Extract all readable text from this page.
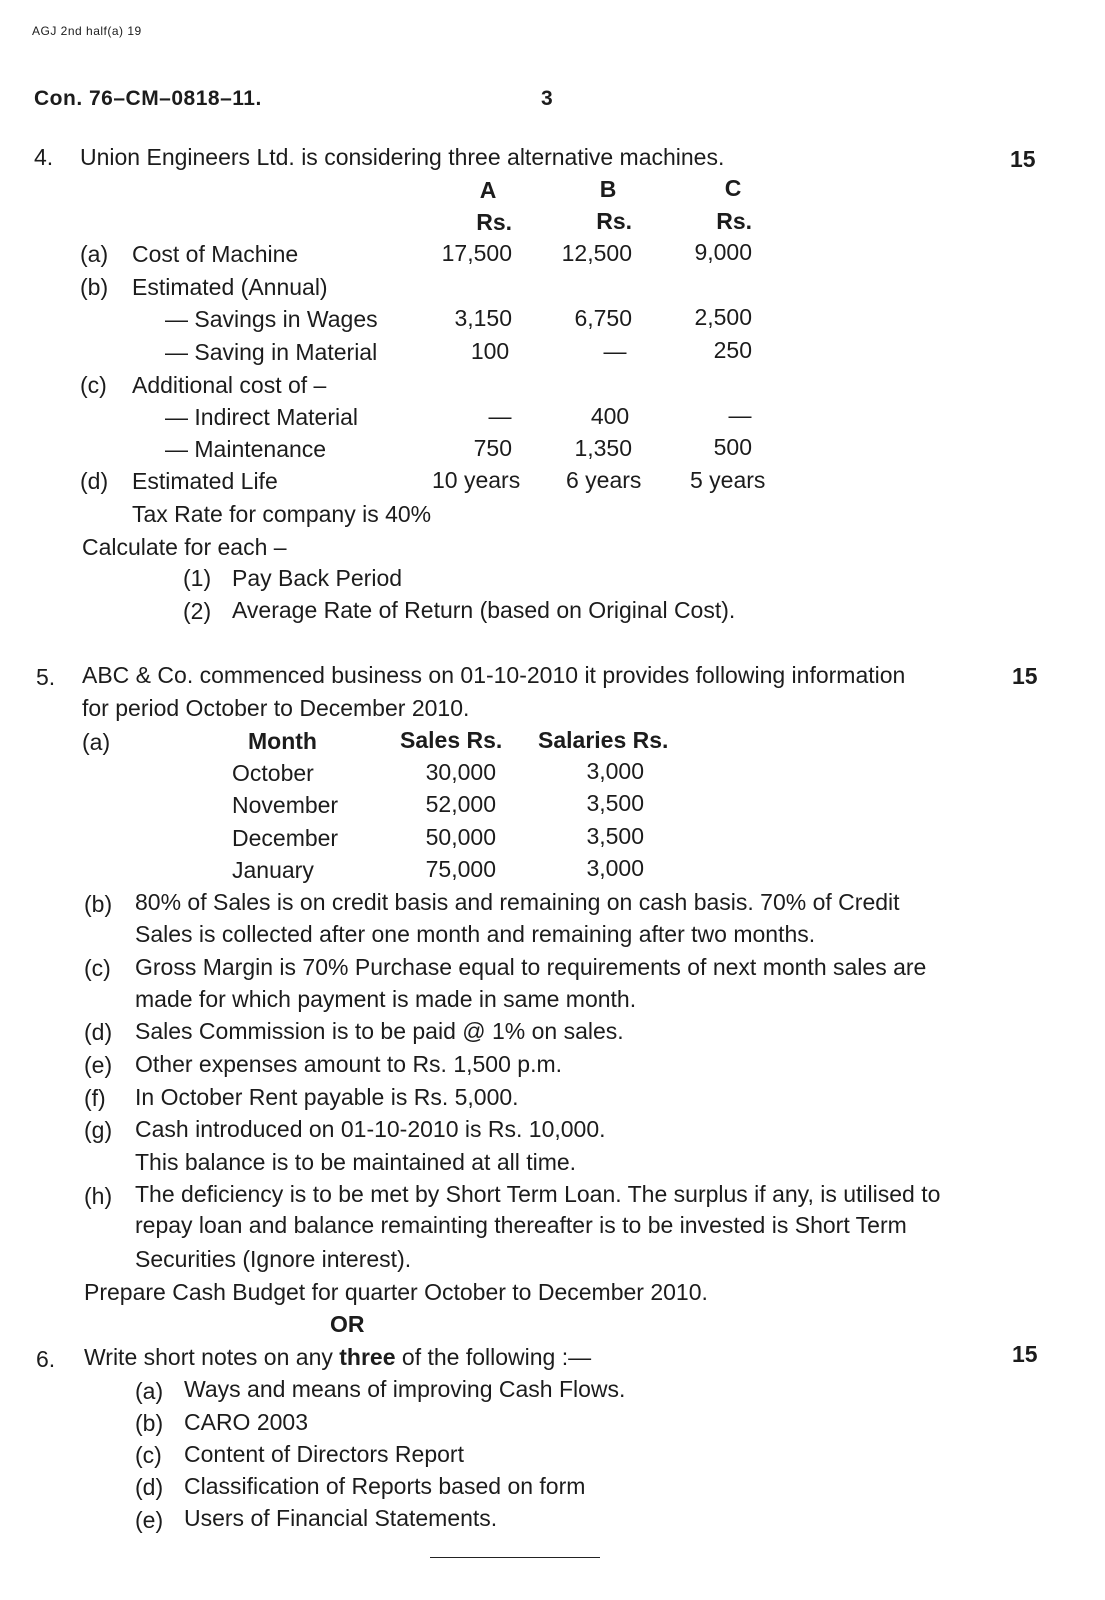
AGJ 2nd half(a) 19
Con. 76–CM–0818–11.	3
4. Union Engineers Ltd. is considering three alternative machines.	15
A	B	C
Rs.	Rs.	Rs.
(a) Cost of Machine	17,500	12,500	9,000
(b) Estimated (Annual)
— Savings in Wages	3,150	6,750	2,500
— Saving in Material	100	—	250
(c) Additional cost of –
— Indirect Material	—	400	—
— Maintenance	750	1,350	500
(d) Estimated Life	10 years 6 years 5 years
Tax Rate for company is 40%
Calculate for each –
(1) Pay Back Period
(2) Average Rate of Return (based on Original Cost).
5. ABC & Co. commenced business on 01-10-2010 it provides following information	15
for period October to December 2010.
(a)	Month	Sales Rs. Salaries Rs.
October	30,000	3,000
November	52,000	3,500
December	50,000	3,500
January	75,000	3,000
(b) 80% of Sales is on credit basis and remaining on cash basis. 70% of Credit
Sales is collected after one month and remaining after two months.
(c) Gross Margin is 70% Purchase equal to requirements of next month sales are
made for which payment is made in same month.
(d) Sales Commission is to be paid @ 1% on sales.
(e) Other expenses amount to Rs. 1,500 p.m.
(f) In October Rent payable is Rs. 5,000.
(g) Cash introduced on 01-10-2010 is Rs. 10,000.
This balance is to be maintained at all time.
(h) The deficiency is to be met by Short Term Loan. The surplus if any, is utilised to
repay loan and balance remainting thereafter is to be invested is Short Term
Securities (Ignore interest).
Prepare Cash Budget for quarter October to December 2010.
OR
6. Write short notes on any three of the following :—	15
(a) Ways and means of improving Cash Flows.
(b) CARO 2003
(c) Content of Directors Report
(d) Classification of Reports based on form
(e) Users of Financial Statements.
